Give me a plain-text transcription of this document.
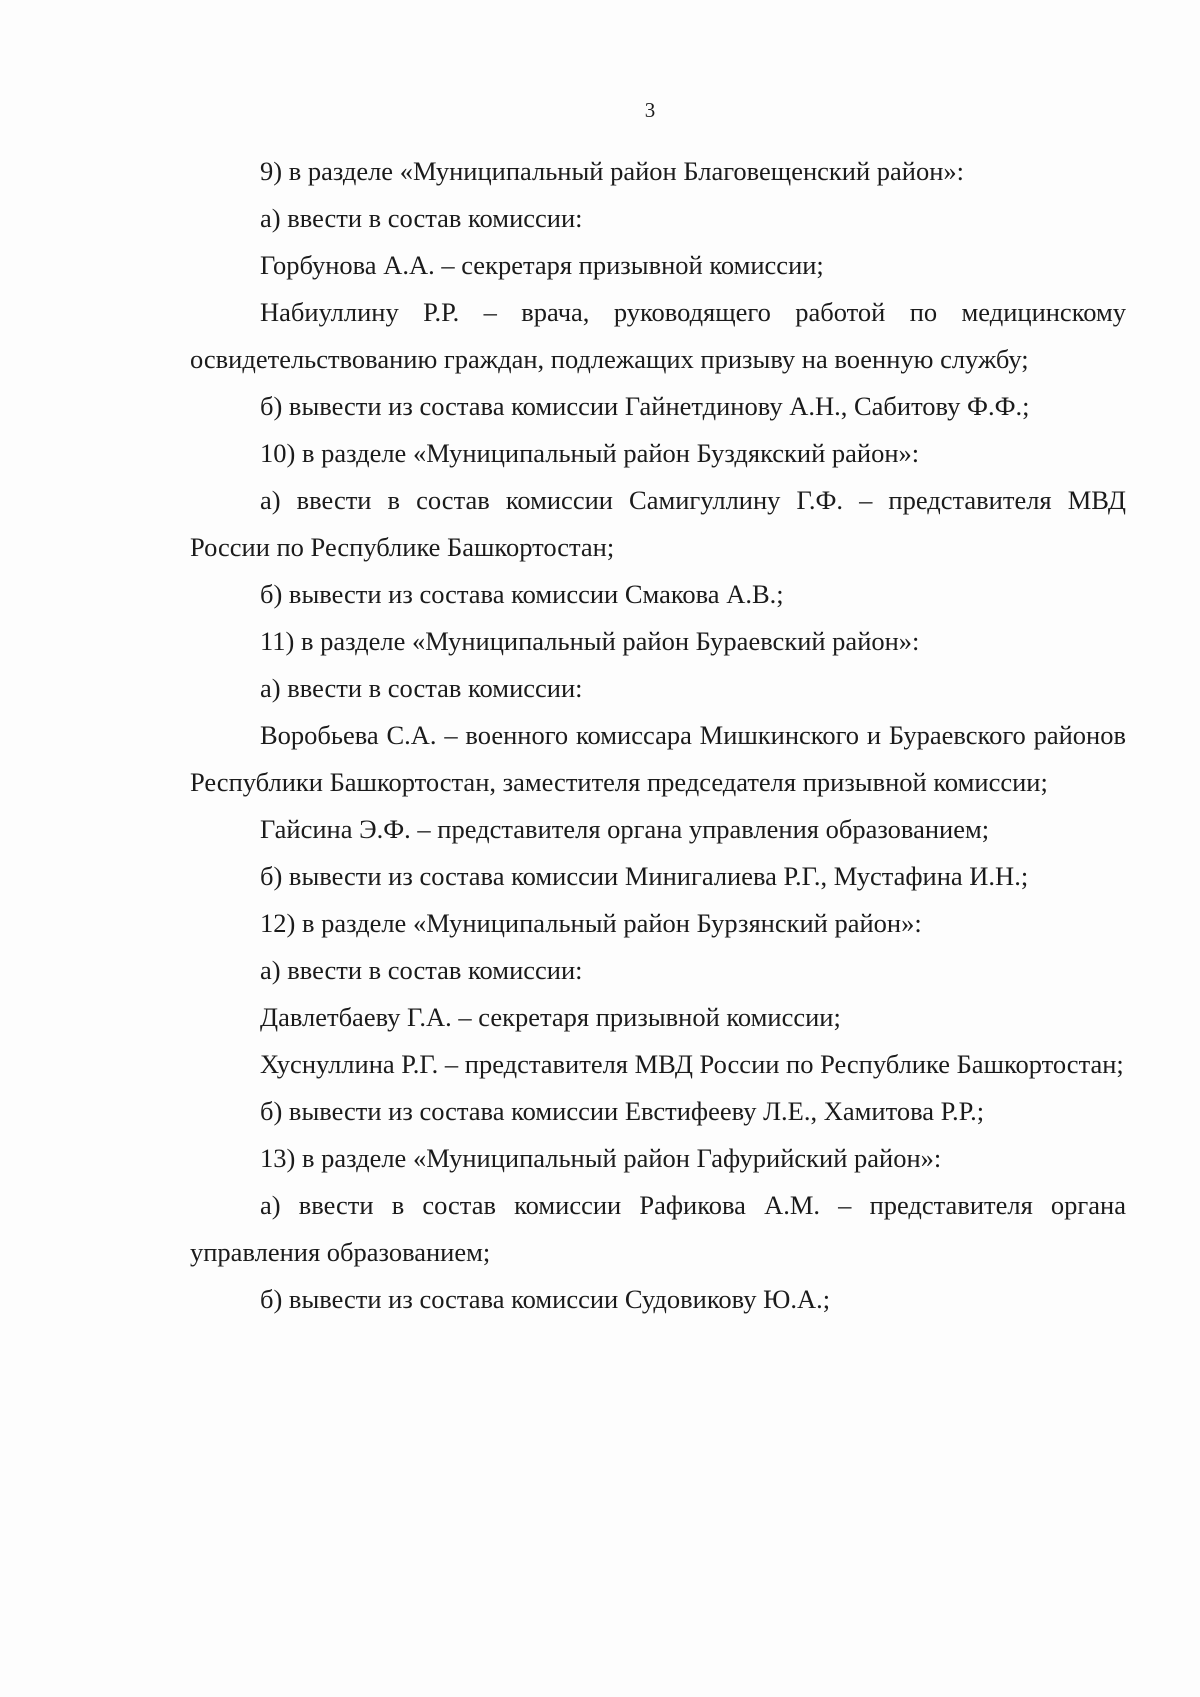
3

9) в разделе «Муниципальный район Благовещенский район»:

а) ввести в состав комиссии:

Горбунова А.А. – секретаря призывной комиссии;

Набиуллину Р.Р. – врача, руководящего работой по медицинскому освидетельствованию граждан, подлежащих призыву на военную службу;

б) вывести из состава комиссии Гайнетдинову А.Н., Сабитову Ф.Ф.;

10) в разделе «Муниципальный район Буздякский район»:

а) ввести в состав комиссии Самигуллину Г.Ф. – представителя МВД России по Республике Башкортостан;

б) вывести из состава комиссии Смакова А.В.;

11) в разделе «Муниципальный район Бураевский район»:

а) ввести в состав комиссии:

Воробьева С.А. – военного комиссара Мишкинского и Бураевского районов Республики Башкортостан, заместителя председателя призывной комиссии;

Гайсина Э.Ф. – представителя органа управления образованием;

б) вывести из состава комиссии Минигалиева Р.Г., Мустафина И.Н.;

12) в разделе «Муниципальный район Бурзянский район»:

а) ввести в состав комиссии:

Давлетбаеву Г.А. – секретаря призывной комиссии;

Хуснуллина Р.Г. – представителя МВД России по Республике Башкортостан;

б) вывести из состава комиссии Евстифееву Л.Е., Хамитова Р.Р.;

13) в разделе «Муниципальный район Гафурийский район»:

а) ввести в состав комиссии Рафикова А.М. – представителя органа управления образованием;

б) вывести из состава комиссии Судовикову Ю.А.;
